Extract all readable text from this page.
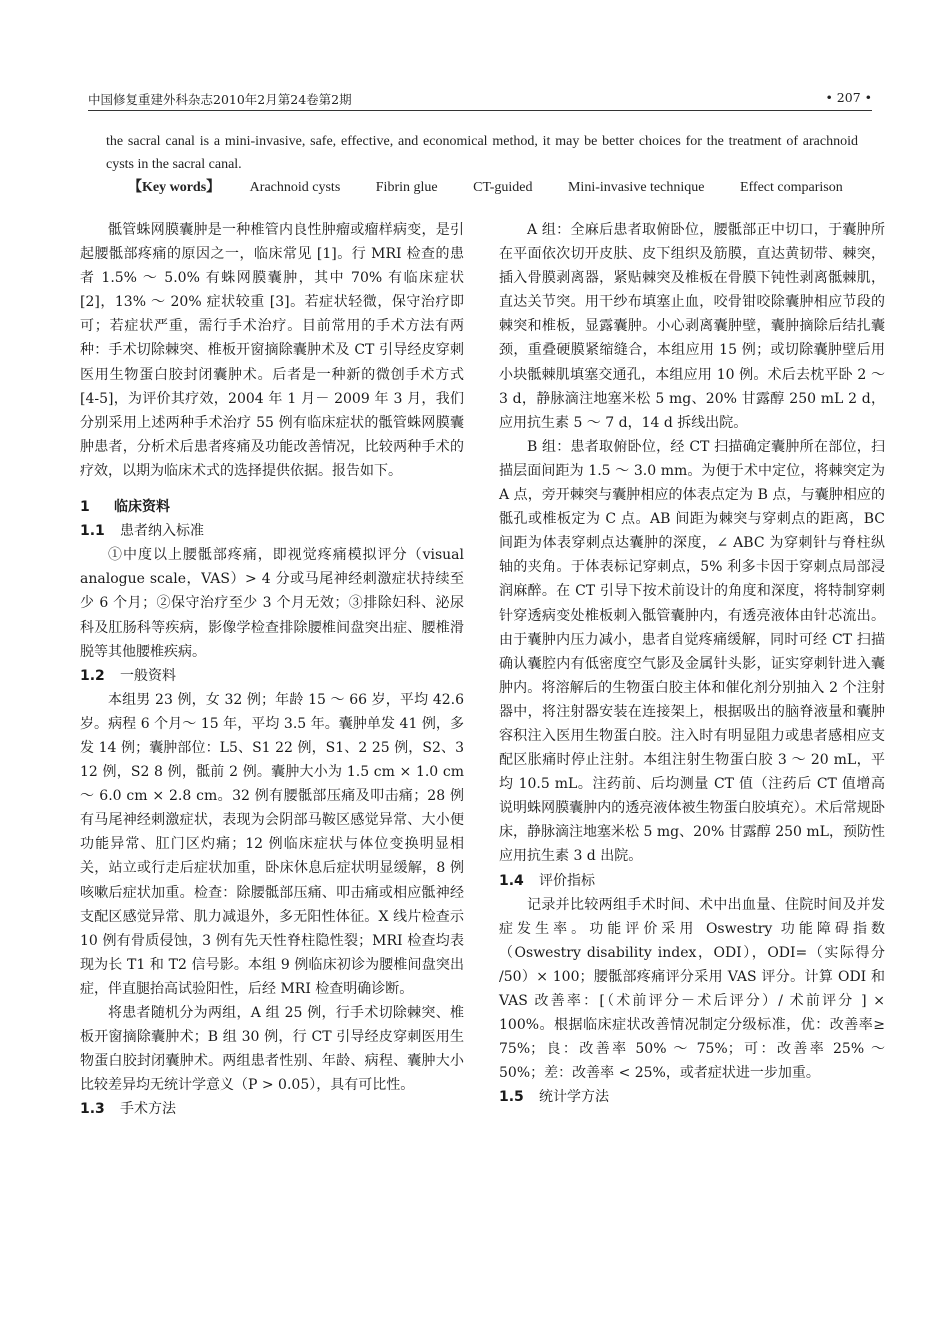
中国修复重建外科杂志2010年2月第24卷第2期	• 207 •
the sacral canal is a mini-invasive, safe, effective, and economical method, it may be better choices for the treatment of arachnoid cysts in the sacral canal.
【Key words】 Arachnoid cysts	Fibrin glue	CT-guided	Mini-invasive technique	Effect comparison

骶管蛛网膜囊肿是一种椎管内良性肿瘤或瘤样病变，是引起腰骶部疼痛的原因之一，临床常见 [1]。行 MRI 检查的患者 1.5% ～ 5.0% 有蛛网膜囊肿，其中 70% 有临床症状 [2]，13% ～ 20% 症状较重 [3]。若症状轻微，保守治疗即可；若症状严重，需行手术治疗。目前常用的手术方法有两种：手术切除棘突、椎板开窗摘除囊肿术及 CT 引导经皮穿刺医用生物蛋白胶封闭囊肿术。后者是一种新的微创手术方式 [4-5]，为评价其疗效，2004 年 1 月－ 2009 年 3 月，我们分别采用上述两种手术治疗 55 例有临床症状的骶管蛛网膜囊肿患者，分析术后患者疼痛及功能改善情况，比较两种手术的疗效，以期为临床术式的选择提供依据。报告如下。

1 临床资料
1.1 患者纳入标准

①中度以上腰骶部疼痛，即视觉疼痛模拟评分（visual analogue scale，VAS）> 4 分或马尾神经刺激症状持续至少 6 个月；②保守治疗至少 3 个月无效；③排除妇科、泌尿科及肛肠科等疾病，影像学检查排除腰椎间盘突出症、腰椎滑脱等其他腰椎疾病。

1.2 一般资料

本组男 23 例，女 32 例；年龄 15 ～ 66 岁，平均 42.6 岁。病程 6 个月～ 15 年，平均 3.5 年。囊肿单发 41 例，多发 14 例；囊肿部位：L5、S1 22 例，S1、2 25 例，S2、3 12 例，S2 8 例，骶前 2 例。囊肿大小为 1.5 cm × 1.0 cm ～ 6.0 cm × 2.8 cm。32 例有腰骶部压痛及叩击痛；28 例有马尾神经刺激症状，表现为会阴部马鞍区感觉异常、大小便功能异常、肛门区灼痛；12 例临床症状与体位变换明显相关，站立或行走后症状加重，卧床休息后症状明显缓解，8 例咳嗽后症状加重。检查：除腰骶部压痛、叩击痛或相应骶神经支配区感觉异常、肌力减退外，多无阳性体征。X 线片检查示 10 例有骨质侵蚀，3 例有先天性脊柱隐性裂；MRI 检查均表现为长 T1 和 T2 信号影。本组 9 例临床初诊为腰椎间盘突出症，伴直腿抬高试验阳性，后经 MRI 检查明确诊断。

将患者随机分为两组，A 组 25 例，行手术切除棘突、椎板开窗摘除囊肿术；B 组 30 例，行 CT 引导经皮穿刺医用生物蛋白胶封闭囊肿术。两组患者性别、年龄、病程、囊肿大小比较差异均无统计学意义（P > 0.05），具有可比性。

1.3 手术方法

A 组：全麻后患者取俯卧位，腰骶部正中切口，于囊肿所在平面依次切开皮肤、皮下组织及筋膜，直达黄韧带、棘突，插入骨膜剥离器，紧贴棘突及椎板在骨膜下钝性剥离骶棘肌，直达关节突。用干纱布填塞止血，咬骨钳咬除囊肿相应节段的棘突和椎板，显露囊肿。小心剥离囊肿壁，囊肿摘除后结扎囊颈，重叠硬膜紧缩缝合，本组应用 15 例；或切除囊肿壁后用小块骶棘肌填塞交通孔，本组应用 10 例。术后去枕平卧 2 ～ 3 d，静脉滴注地塞米松 5 mg、20% 甘露醇 250 mL 2 d，应用抗生素 5 ～ 7 d，14 d 拆线出院。

B 组：患者取俯卧位，经 CT 扫描确定囊肿所在部位，扫描层面间距为 1.5 ～ 3.0 mm。为便于术中定位，将棘突定为 A 点，旁开棘突与囊肿相应的体表点定为 B 点，与囊肿相应的骶孔或椎板定为 C 点。AB 间距为棘突与穿刺点的距离，BC 间距为体表穿刺点达囊肿的深度，∠ ABC 为穿刺针与脊柱纵轴的夹角。于体表标记穿刺点，5% 利多卡因于穿刺点局部浸润麻醉。在 CT 引导下按术前设计的角度和深度，将特制穿刺针穿透病变处椎板刺入骶管囊肿内，有透亮液体由针芯流出。由于囊肿内压力减小，患者自觉疼痛缓解，同时可经 CT 扫描确认囊腔内有低密度空气影及金属针头影，证实穿刺针进入囊肿内。将溶解后的生物蛋白胶主体和催化剂分别抽入 2 个注射器中，将注射器安装在连接架上，根据吸出的脑脊液量和囊肿容积注入医用生物蛋白胶。注入时有明显阻力或患者感相应支配区胀痛时停止注射。本组注射生物蛋白胶 3 ～ 20 mL，平均 10.5 mL。注药前、后均测量 CT 值（注药后 CT 值增高说明蛛网膜囊肿内的透亮液体被生物蛋白胶填充）。术后常规卧床，静脉滴注地塞米松 5 mg、20% 甘露醇 250 mL，预防性应用抗生素 3 d 出院。

1.4 评价指标

记录并比较两组手术时间、术中出血量、住院时间及并发症发生率。功能评价采用 Oswestry 功能障碍指数（Oswestry disability index，ODI），ODI=（实际得分 /50）× 100；腰骶部疼痛评分采用 VAS 评分。计算 ODI 和 VAS 改善率：[（术前评分－术后评分）/ 术前评分 ] × 100%。根据临床症状改善情况制定分级标准，优：改善率≥ 75%；良：改善率 50% ～ 75%；可：改善率 25% ～ 50%；差：改善率 < 25%，或者症状进一步加重。

1.5 统计学方法
